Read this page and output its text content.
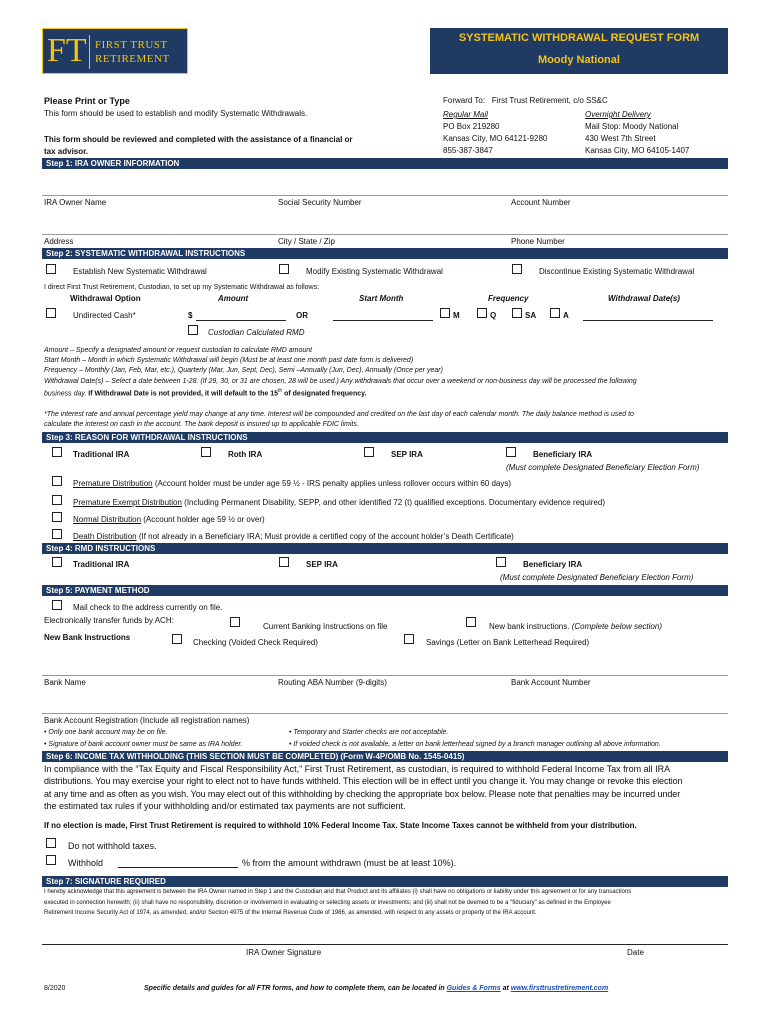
FT FIRST TRUST
RETIREMENT
SYSTEMATIC WITHDRAWAL REQUEST FORM
Moody National
Please Print or Type
This form should be used to establish and modify Systematic Withdrawals.
This form should be reviewed and completed with the assistance of a financial or
tax advisor.
Forward To:   First Trust Retirement, c/o SS&C
Regular Mail
PO Box 219280
Kansas City, MO 64121-9280
855-387-3847
Overnight Delivery
Mail Stop: Moody National
430 West 7th Street
Kansas City, MO 64105-1407
Step 1: IRA OWNER INFORMATION
IRA Owner Name	Social Security Number	Account Number
Address	City / State / Zip	Phone Number
Step 2: SYSTEMATIC WITHDRAWAL INSTRUCTIONS
Establish New Systematic Withdrawal	Modify Existing Systematic Withdrawal	Discontinue Existing Systematic Withdrawal
I direct First Trust Retirement, Custodian, to set up my Systematic Withdrawal as follows:
Withdrawal Option	Amount	Start Month	Frequency	Withdrawal Date(s)
Undirected Cash*	$	OR	M	Q	SA	A
Custodian Calculated RMD
Amount – Specify a designated amount or request custodian to calculate RMD amount
Start Month – Month in which Systematic Withdrawal will begin (Must be at least one month past date form is delivered)
Frequency – Monthly (Jan, Feb, Mar, etc.), Quarterly (Mar, Jun, Sept, Dec), Semi –Annually (Jun, Dec), Annually (Once per year)
Withdrawal Date(s) – Select a date between 1-28. (If 29, 30, or 31 are chosen, 28 will be used.) Any withdrawals that occur over a weekend or non-business day will be processed the following
business day. If Withdrawal Date is not provided, it will default to the 15th of designated frequency.
*The interest rate and annual percentage yield may change at any time. Interest will be compounded and credited on the last day of each calendar month. The daily balance method is used to
calculate the interest on cash in the account. The bank deposit is insured up to applicable FDIC limits.
Step 3: REASON FOR WITHDRAWAL INSTRUCTIONS
Traditional IRA	Roth IRA	SEP IRA	Beneficiary IRA
(Must complete Designated Beneficiary Election Form)
Premature Distribution (Account holder must be under age 59 ½ - IRS penalty applies unless rollover occurs within 60 days)
Premature Exempt Distribution (Including Permanent Disability, SEPP, and other identified 72 (t) qualified exceptions. Documentary evidence required)
Normal Distribution (Account holder age 59 ½ or over)
Death Distribution (If not already in a Beneficiary IRA; Must provide a certified copy of the account holder’s Death Certificate)
Step 4: RMD INSTRUCTIONS
Traditional IRA	SEP IRA	Beneficiary IRA
(Must complete Designated Beneficiary Election Form)
Step 5: PAYMENT METHOD
Mail check to the address currently on file.
Electronically transfer funds by ACH:
Current Banking Instructions on file	New bank instructions. (Complete below section)
New Bank Instructions
Checking (Voided Check Required)	Savings (Letter on Bank Letterhead Required)
Bank Name	Routing ABA Number (9-digits)	Bank Account Number
Bank Account Registration (Include all registration names)
• Only one bank account may be on file.
• Signature of bank account owner must be same as IRA holder.
• Temporary and Starter checks are not acceptable.
• If voided check is not available, a letter on bank letterhead signed by a branch manager outlining all above information.
Step 6: INCOME TAX WITHHOLDING (THIS SECTION MUST BE COMPLETED) (Form W-4P/OMB No. 1545-0415)
In compliance with the “Tax Equity and Fiscal Responsibility Act,” First Trust Retirement, as custodian, is required to withhold Federal Income Tax from all IRA
distributions. You may exercise your right to elect not to have funds withheld. This election will be in effect until you change it. You may change or revoke this election
at any time and as often as you wish. You may elect out of this withholding by checking the appropriate box below. Please note that penalties may be incurred under
the estimated tax rules if your withholding and/or estimated tax payments are not sufficient.
If no election is made, First Trust Retirement is required to withhold 10% Federal Income Tax. State Income Taxes cannot be withheld from your distribution.
Do not withhold taxes.
Withhold	% from the amount withdrawn (must be at least 10%).
Step 7: SIGNATURE REQUIRED
I hereby acknowledge that this agreement is between the IRA Owner named in Step 1 and the Custodian and that Product and its affiliates (i) shall have no obligations or liability under this agreement or for any transactions
executed in connection herewith; (ii) shall have no responsibility, discretion or involvement in evaluating or selecting assets or investments; and (iii) shall not be deemed to be a "fiduciary" as defined in the Employee
Retirement Income Security Act of 1974, as amended, and/or Section 4975 of the Internal Revenue Code of 1986, as amended, with respect to any assets or property of the IRA account.
IRA Owner Signature	Date
8/2020	Specific details and guides for all FTR forms, and how to complete them, can be located in Guides & Forms at www.firsttrustretirement.com
